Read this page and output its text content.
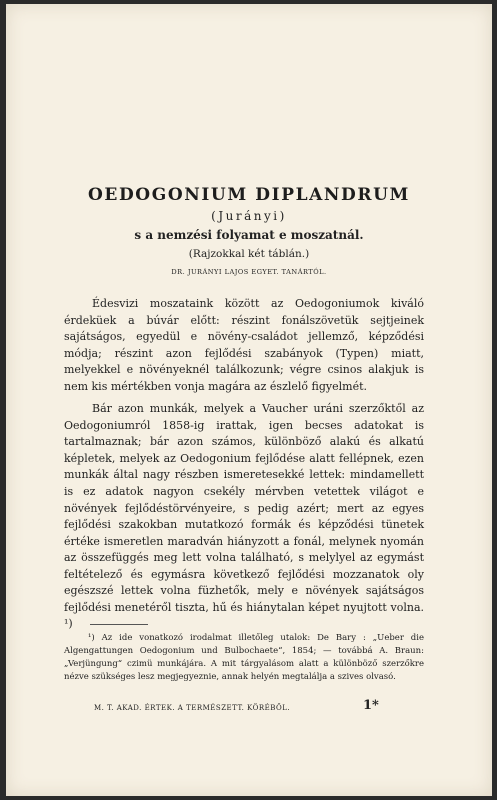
OEDOGONIUM DIPLANDRUM
(Jurányi)
s a nemzési folyamat e moszatnál.
(Rajzokkal két táblán.)
DR. JURÁNYI LAJOS EGYET. TANÁRTÓL.

Édesvizi moszataink között az Oedogoniumok kiváló érdeküek a búvár előtt: részint fonálszövetük sejtjeinek sajátságos, egyedül e növény-családot jellemző, képződési módja; részint azon fejlődési szabányok (Typen) miatt, melyekkel e növényeknél találkozunk; végre csinos alakjuk is nem kis mértékben vonja magára az észlelő figyelmét.

Bár azon munkák, melyek a Vaucher uráni szerzőktől az Oedogoniumról 1858-ig irattak, igen becses adatokat is tartalmaznak; bár azon számos, különböző alakú és alkatú képletek, melyek az Oedogonium fejlődése alatt fellépnek, ezen munkák által nagy részben ismeretesekké lettek: mindamellett is ez adatok nagyon csekély mérvben vetettek világot e növények fejlődéstörvényeire, s pedig azért; mert az egyes fejlődési szakokban mutatkozó formák és képződési tünetek értéke ismeretlen maradván hiányzott a fonál, melynek nyomán az összefüggés meg lett volna található, s melylyel az egymást feltételező és egymásra következő fejlődési mozzanatok oly egészszé lettek volna füzhetők, mely e növények sajátságos fejlődési menetéről tiszta, hű és hiánytalan képet nyujtott volna. ¹)

¹) Az ide vonatkozó irodalmat illetőleg utalok: De Bary : „Ueber die Algengattungen Oedogonium und Bulbochaete“, 1854; — továbbá A. Braun: „Verjüngung“ czimü munkájára. A mit tárgyalásom alatt a különböző szerzőkre nézve szükséges lesz megjegyeznie, annak helyén megtalálja a szives olvasó.

M. T. AKAD. ÉRTEK. A TERMÉSZETT. KÖRÉBŐL.	1*
